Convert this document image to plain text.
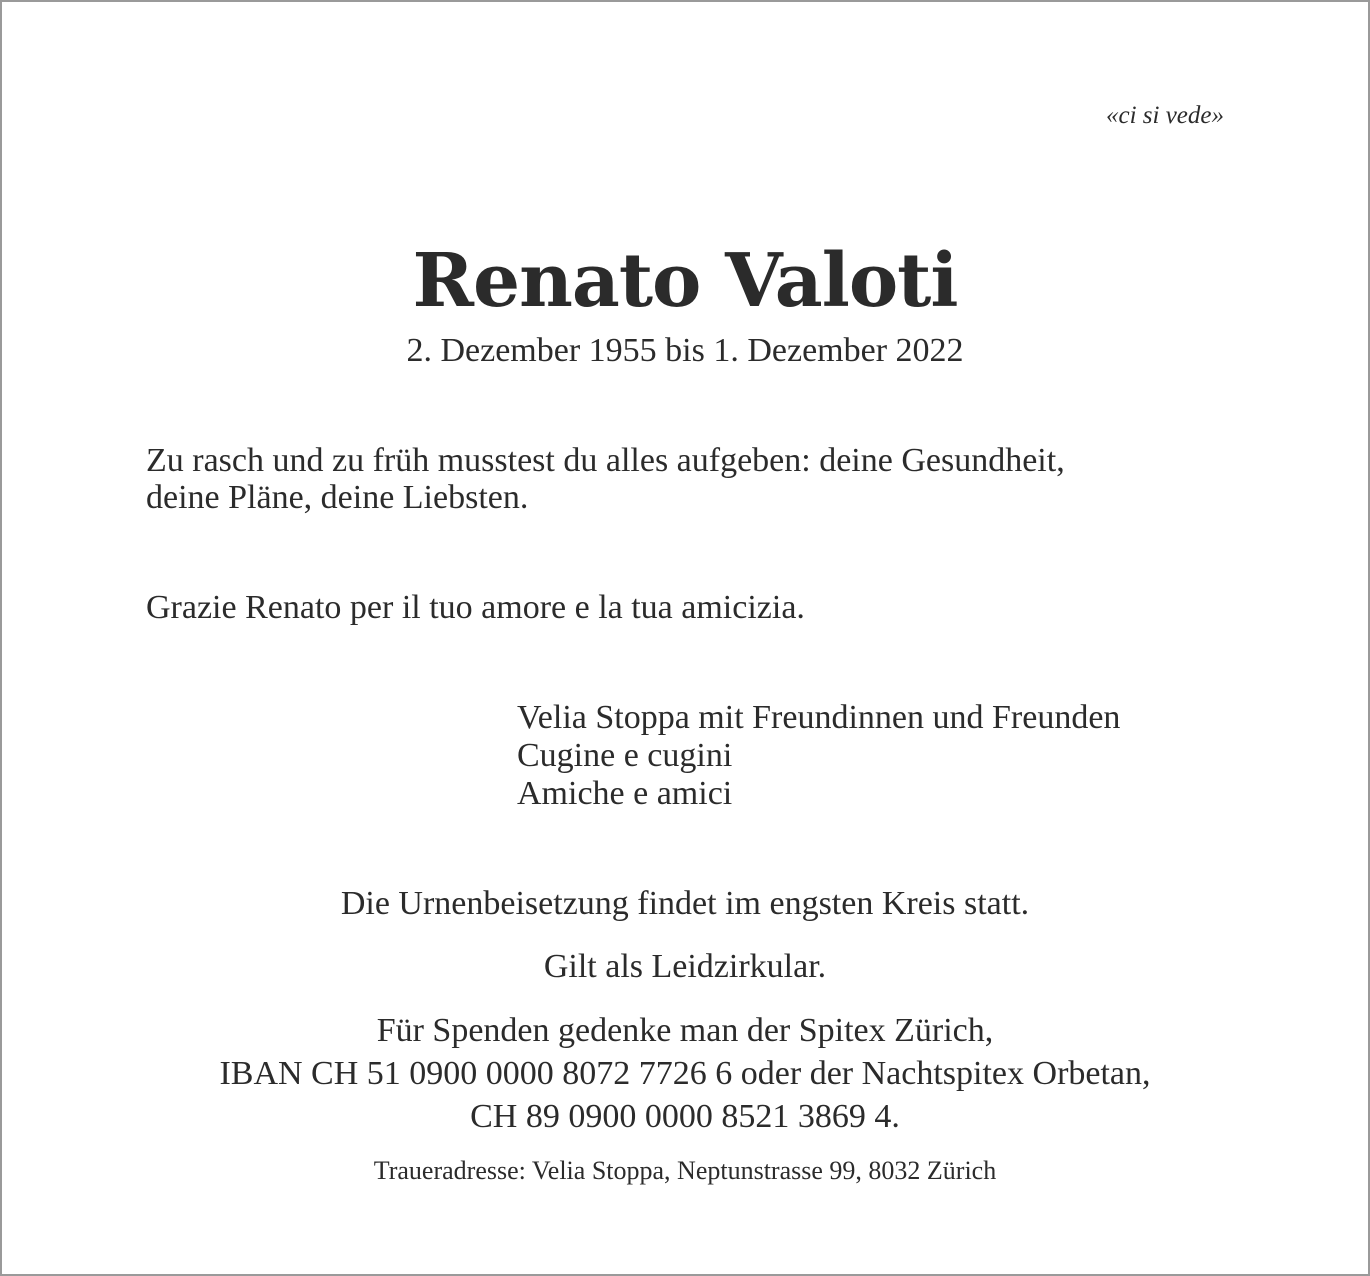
«ci si vede»
Renato Valoti
2. Dezember 1955 bis 1. Dezember 2022
Zu rasch und zu früh musstest du alles aufgeben: deine Gesundheit,
deine Pläne, deine Liebsten.
Grazie Renato per il tuo amore e la tua amicizia.
Velia Stoppa mit Freundinnen und Freunden
Cugine e cugini
Amiche e amici
Die Urnenbeisetzung findet im engsten Kreis statt.
Gilt als Leidzirkular.
Für Spenden gedenke man der Spitex Zürich,
IBAN CH 51 0900 0000 8072 7726 6 oder der Nachtspitex Orbetan,
CH 89 0900 0000 8521 3869 4.
Traueradresse: Velia Stoppa, Neptunstrasse 99, 8032 Zürich
